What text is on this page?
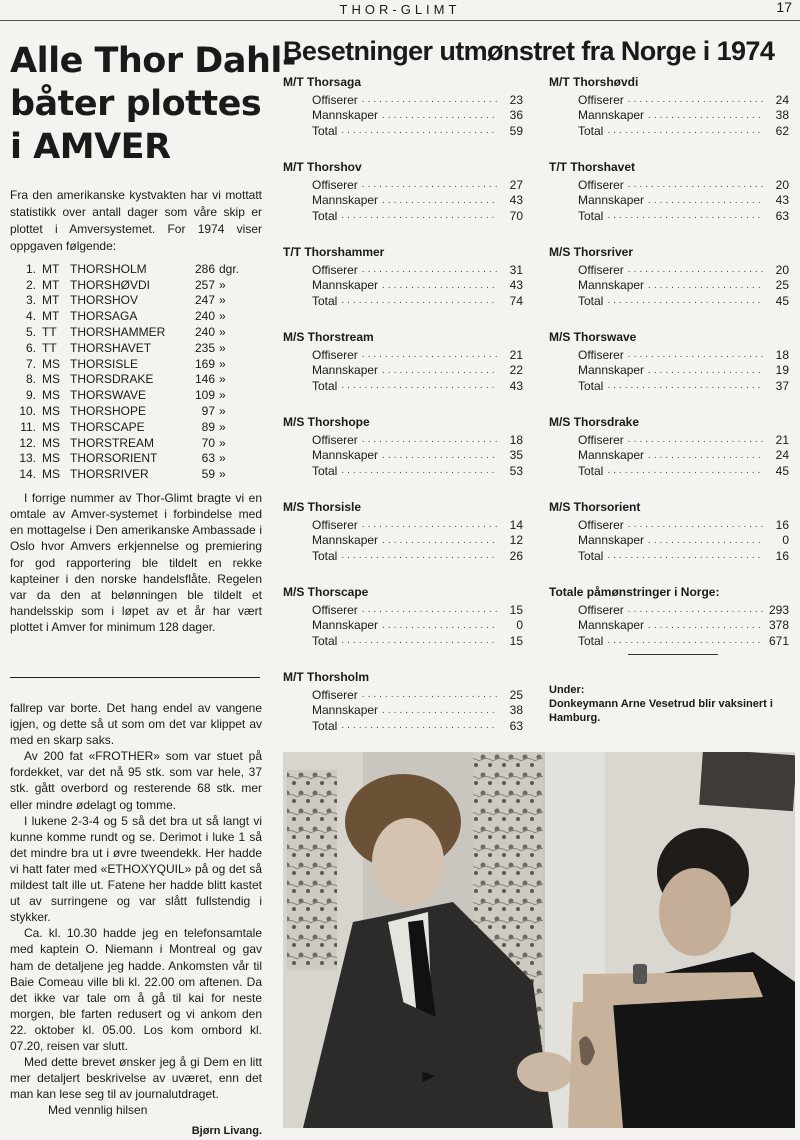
THOR-GLIMT	17
Alle Thor Dahl-
båter plottes
i AMVER
Fra den amerikanske kystvakten har vi mottatt statistikk over antall dager som våre skip er plottet i Amversystemet. For 1974 viser oppgaven følgende:
1. MT THORSHOLM	286 dgr.
2. MT THORSHØVDI	257 »
3. MT THORSHOV	247 »
4. MT THORSAGA	240 »
5. TT	THORSHAMMER	240 »
6. TT	THORSHAVET	235 »
7. MS THORSISLE	169 »
8. MS THORSDRAKE	146 »
9. MS THORSWAVE	109 »
10. MS THORSHOPE	97 »
11. MS THORSCAPE	89 »
12. MS THORSTREAM	70 »
13. MS THORSORIENT	63 »
14. MS THORSRIVER	59 »

I forrige nummer av Thor-Glimt bragte vi en omtale av Amver-systemet i forbindelse med en mottagelse i Den amerikanske Ambassade i Oslo hvor Amvers erkjennelse og premiering for god rapportering ble tildelt en rekke kapteiner i den norske handelsflåte. Regelen var da den at belønningen ble tildelt et handelsskip som i løpet av et år har vært plottet i Amver for minimum 128 dager.

fallrep var borte. Det hang endel av vangene igjen, og dette så ut som om det var klippet av med en skarp saks.

Av 200 fat «FROTHER» som var stuet på fordekket, var det nå 95 stk. som var hele, 37 stk. gått overbord og resterende 68 stk. mer eller mindre ødelagt og tomme.

I lukene 2-3-4 og 5 så det bra ut så langt vi kunne komme rundt og se. Derimot i luke 1 så det mindre bra ut i øvre tweendekk. Her hadde vi hatt fater med «ETHOXYQUIL» på og det så mildest talt ille ut. Fatene her hadde blitt kastet ut av surringene og var slått fullstendig i stykker.

Ca. kl. 10.30 hadde jeg en telefonsamtale med kaptein O. Niemann i Montreal og gav ham de detaljene jeg hadde. Ankomsten vår til Baie Comeau ville bli kl. 22.00 om aftenen. Da det ikke var tale om å gå til kai for neste morgen, ble farten redusert og vi ankom den 22. oktober kl. 05.00. Los kom ombord kl. 07.20, reisen var slutt.

Med dette brevet ønsker jeg å gi Dem en litt mer detaljert beskrivelse av uværet, enn det man kan lese seg til av journalutdraget.

Med vennlig hilsen

Bjørn Livang.
Besetninger utmønstret fra Norge i 1974
Under:
Donkeymann Arne Vesetrud blir vaksinert i Hamburg.
M/T Thorsaga
Offiserer .....	23
Mannskaper .....	36
Total .....	59
M/T Thorshov
Offiserer .....	27
Mannskaper .....	43
Total .....	70
T/T Thorshammer
Offiserer .....	31
Mannskaper .....	43
Total .....	74
M/S Thorstream
Offiserer .....	21
Mannskaper .....	22
Total .....	43
M/S Thorshope
Offiserer .....	18
Mannskaper .....	35
Total .....	53
M/S Thorsisle
Offiserer .....	14
Mannskaper .....	12
Total .....	26
M/S Thorscape
Offiserer .....	15
Mannskaper .....	0
Total .....	15
M/T Thorsholm
Offiserer .....	25
Mannskaper .....	38
Total .....	63
M/T Thorshøvdi
Offiserer .....	24
Mannskaper .....	38
Total .....	62
T/T Thorshavet
Offiserer .....	20
Mannskaper .....	43
Total .....	63
M/S Thorsriver
Offiserer .....	20
Mannskaper .....	25
Total .....	45
M/S Thorswave
Offiserer .....	18
Mannskaper .....	19
Total .....	37
M/S Thorsdrake
Offiserer .....	21
Mannskaper .....	24
Total .....	45
M/S Thorsorient
Offiserer .....	16
Mannskaper .....	0
Total .....	16
Totale påmønstringer i Norge:
Offiserer .....	293
Mannskaper .....	378
Total .....	671
